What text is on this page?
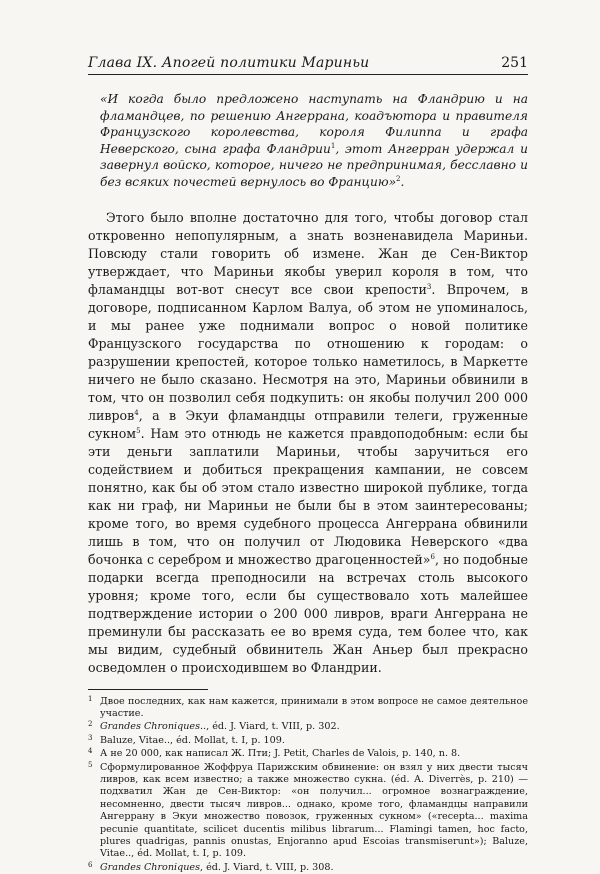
Глава IX. Апогей политики Мариньи	251
«И когда было предложено наступать на Фландрию и на фламандцев, по решению Ангеррана, коадъютора и правителя Французского королевства, короля Филиппа и графа Неверского, сына графа Фландрии$^1$, этот Ангерран удержал и завернул войско, которое, ничего не предпринимая, бесславно и без всяких почестей вернулось во Францию»$^2$.
Этого было вполне достаточно для того, чтобы договор стал откровенно непопулярным, а знать возненавидела Мариньи. Повсюду стали говорить об измене. Жан де Сен-Виктор утверждает, что Мариньи якобы уверил короля в том, что фламандцы вот-вот снесут все свои крепости$^3$. Впрочем, в договоре, подписанном Карлом Валуа, об этом не упоминалось, и мы ранее уже поднимали вопрос о новой политике Французского государства по отношению к городам: о разрушении крепостей, которое только наметилось, в Маркетте ничего не было сказано. Несмотря на это, Мариньи обвинили в том, что он позволил себя подкупить: он якобы получил 200 000 ливров$^4$, а в Экуи фламандцы отправили телеги, груженные сукном$^5$. Нам это отнюдь не кажется правдоподобным: если бы эти деньги заплатили Мариньи, чтобы заручиться его содействием и добиться прекращения кампании, не совсем понятно, как бы об этом стало известно широкой публике, тогда как ни граф, ни Мариньи не были бы в этом заинтересованы; кроме того, во время судебного процесса Ангеррана обвинили лишь в том, что он получил от Людовика Неверского «два бочонка с серебром и множество драгоценностей»$^6$, но подобные подарки всегда преподносили на встречах столь высокого уровня; кроме того, если бы существовало хоть малейшее подтверждение истории о 200 000 ливров, враги Ангеррана не преминули бы рассказать ее во время суда, тем более что, как мы видим, судебный обвинитель Жан Аньер был прекрасно осведомлен о происходившем во Фландрии.
1 Двое последних, как нам кажется, принимали в этом вопросе не самое деятельное участие.
2 Grandes Chroniques.., éd. J. Viard, t. VIII, p. 302.
3 Baluze, Vitae.., éd. Mollat, t. I, p. 109.
4 А не 20 000, как написал Ж. Пти; J. Petit, Charles de Valois, p. 140, n. 8.
5 Сформулированное Жоффруа Парижским обвинение: он взял у них двести тысяч ливров, как всем известно; а также множество сукна. (éd. A. Diverrès, p. 210) — подхватил Жан де Сен-Виктор: «он получил... огромное вознаграждение, несомненно, двести тысяч ливров... однако, кроме того, фламандцы направили Ангеррану в Экуи множество повозок, груженных сукном» («recepta... maxima pecunie quantitate, scilicet ducentis milibus librarum... Flamingi tamen, hoc facto, plures quadrigas, pannis onustas, Enjoranno apud Escoias transmiserunt»); Baluze, Vitae.., éd. Mollat, t. I, p. 109.
6 Grandes Chroniques, éd. J. Viard, t. VIII, p. 308.
